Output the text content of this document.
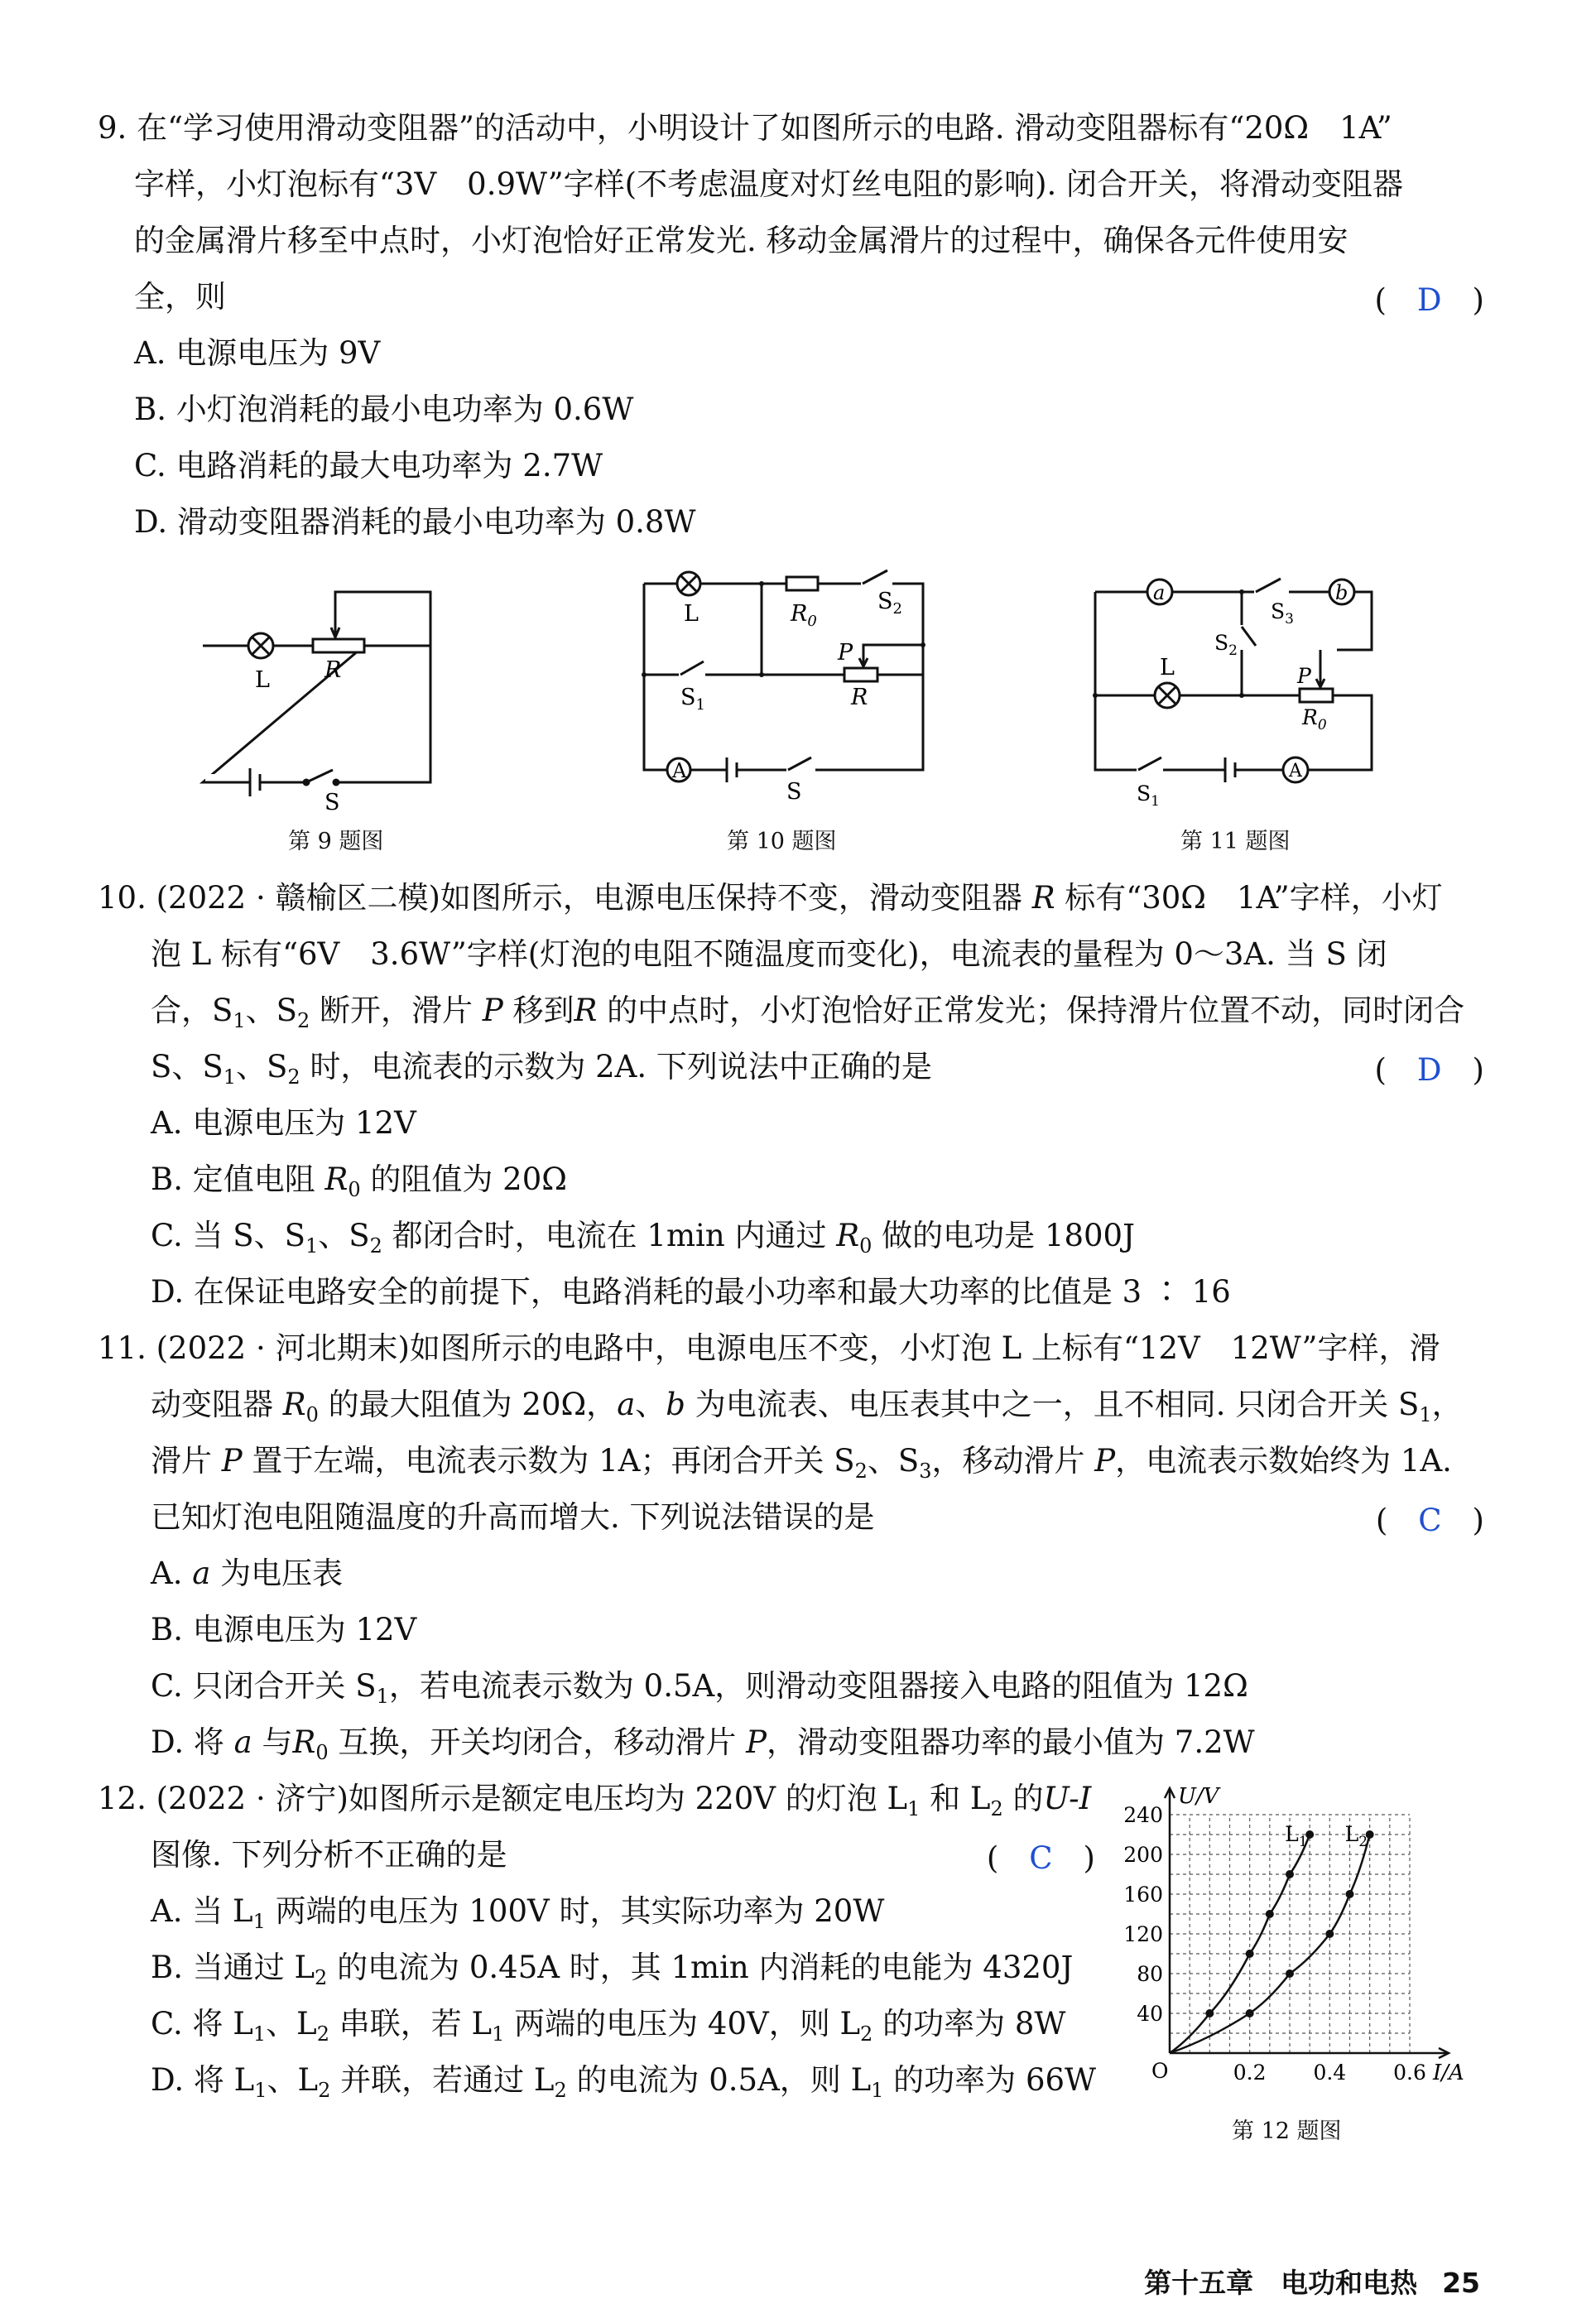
9. 在“学习使用滑动变阻器”的活动中，小明设计了如图所示的电路. 滑动变阻器标有“20Ω　1A”
字样，小灯泡标有“3V　0.9W”字样(不考虑温度对灯丝电阻的影响). 闭合开关，将滑动变阻器
的金属滑片移至中点时，小灯泡恰好正常发光. 移动金属滑片的过程中，确保各元件使用安
全，则	(　D　)
A. 电源电压为 9V
B. 小灯泡消耗的最小电功率为 0.6W
C. 电路消耗的最大电功率为 2.7W
D. 滑动变阻器消耗的最小电功率为 0.8W
L R
S
第 9 题图
A
L	$R_0$
$S_2$
$S_1$
P
R
S
第 10 题图
a	b
$S_3$
$S_2$
L	P
$R_0$
$S_1$
A
第 11 题图
10. (2022 · 赣榆区二模)如图所示，电源电压保持不变，滑动变阻器 R 标有“30Ω　1A”字样，小灯
泡 L 标有“6V　3.6W”字样(灯泡的电阻不随温度而变化)，电流表的量程为 0～3A. 当 S 闭
合，$S_1$、$S_2$ 断开，滑片 P 移到R 的中点时，小灯泡恰好正常发光；保持滑片位置不动，同时闭合
S、$S_1$、$S_2$ 时，电流表的示数为 2A. 下列说法中正确的是	(　D　)
A. 电源电压为 12V
B. 定值电阻 $R_0$ 的阻值为 20Ω
C. 当 S、$S_1$、$S_2$ 都闭合时，电流在 1min 内通过 $R_0$ 做的电功是 1800J
D. 在保证电路安全的前提下，电路消耗的最小功率和最大功率的比值是 3 ∶ 16
11. (2022 · 河北期末)如图所示的电路中，电源电压不变，小灯泡 L 上标有“12V　12W”字样，滑
动变阻器 $R_0$ 的最大阻值为 20Ω，a、b 为电流表、电压表其中之一，且不相同. 只闭合开关 $S_1$，
滑片 P 置于左端，电流表示数为 1A；再闭合开关 $S_2$、$S_3$，移动滑片 P，电流表示数始终为 1A.
已知灯泡电阻随温度的升高而增大. 下列说法错误的是	(　C　)
A. a 为电压表
B. 电源电压为 12V
C. 只闭合开关 $S_1$，若电流表示数为 0.5A，则滑动变阻器接入电路的阻值为 12Ω
D. 将 a 与$R_0$ 互换，开关均闭合，移动滑片 P，滑动变阻器功率的最小值为 7.2W
12. (2022 · 济宁)如图所示是额定电压均为 220V 的灯泡 $L_1$ 和 $L_2$ 的U-I
图像. 下列分析不正确的是	(　C　)
A. 当 $L_1$ 两端的电压为 100V 时，其实际功率为 20W
B. 当通过 $L_2$ 的电流为 0.45A 时，其 1min 内消耗的电能为 4320J
C. 将 $L_1$、$L_2$ 串联，若 $L_1$ 两端的电压为 40V，则 $L_2$ 的功率为 8W
D. 将 $L_1$、$L_2$ 并联，若通过 $L_2$ 的电流为 0.5A，则 $L_1$ 的功率为 66W
U/V
I/A
O
40
80
120
160
200
240
0.2 0.4 0.6
$L_1$ $L_2$
第 12 题图
第十五章　电功和电热 25
